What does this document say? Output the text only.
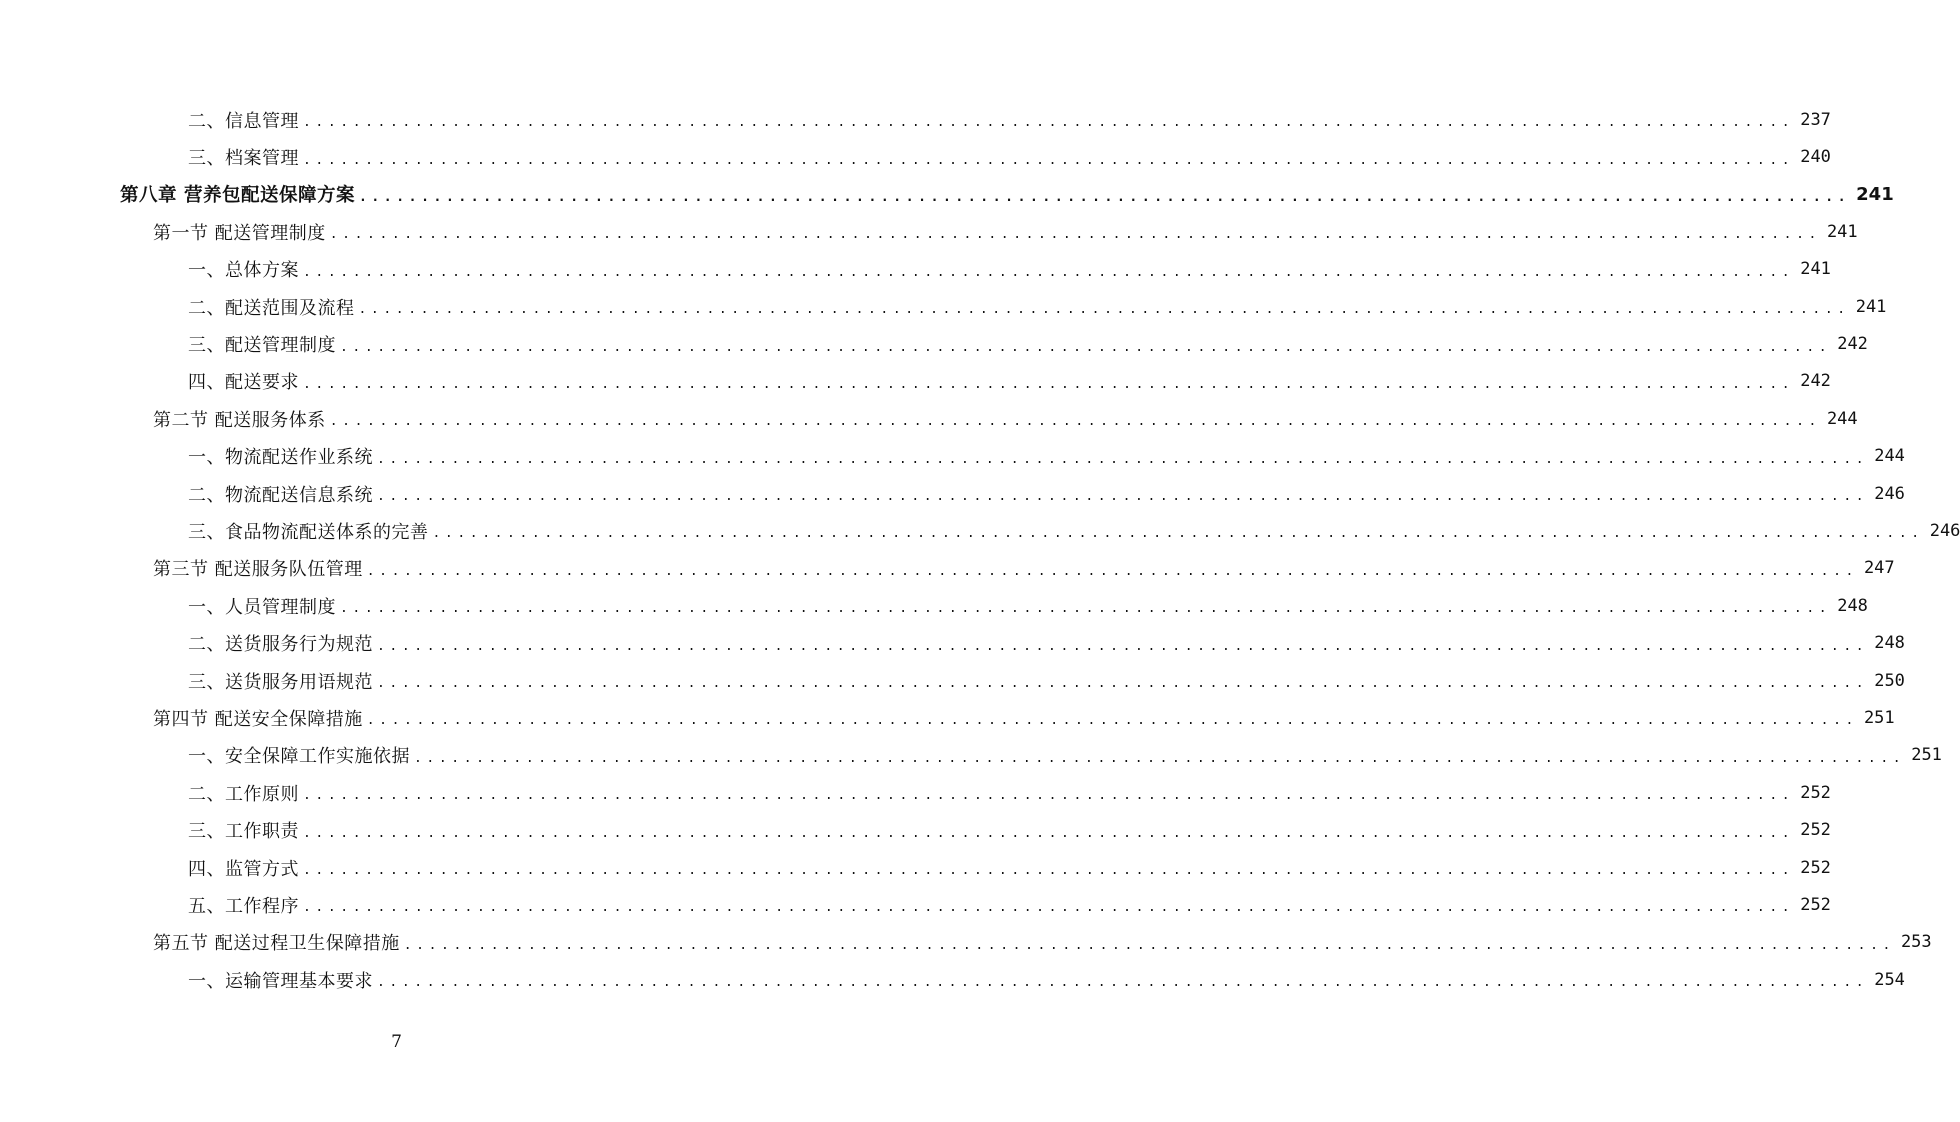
二、信息管理 ........................................................................................................................ 237
三、档案管理 ........................................................................................................................ 240
第八章 营养包配送保障方案 ........................................................................................................................ 241
第一节 配送管理制度 ........................................................................................................................ 241
一、总体方案 ........................................................................................................................ 241
二、配送范围及流程 ........................................................................................................................ 241
三、配送管理制度 ........................................................................................................................ 242
四、配送要求 ........................................................................................................................ 242
第二节 配送服务体系 ........................................................................................................................ 244
一、物流配送作业系统 ........................................................................................................................ 244
二、物流配送信息系统 ........................................................................................................................ 246
三、食品物流配送体系的完善 ........................................................................................................................ 246
第三节 配送服务队伍管理 ........................................................................................................................ 247
一、人员管理制度 ........................................................................................................................ 248
二、送货服务行为规范 ........................................................................................................................ 248
三、送货服务用语规范 ........................................................................................................................ 250
第四节 配送安全保障措施 ........................................................................................................................ 251
一、安全保障工作实施依据 ........................................................................................................................ 251
二、工作原则 ........................................................................................................................ 252
三、工作职责 ........................................................................................................................ 252
四、监管方式 ........................................................................................................................ 252
五、工作程序 ........................................................................................................................ 252
第五节 配送过程卫生保障措施 ........................................................................................................................ 253
一、运输管理基本要求 ........................................................................................................................ 254
7
